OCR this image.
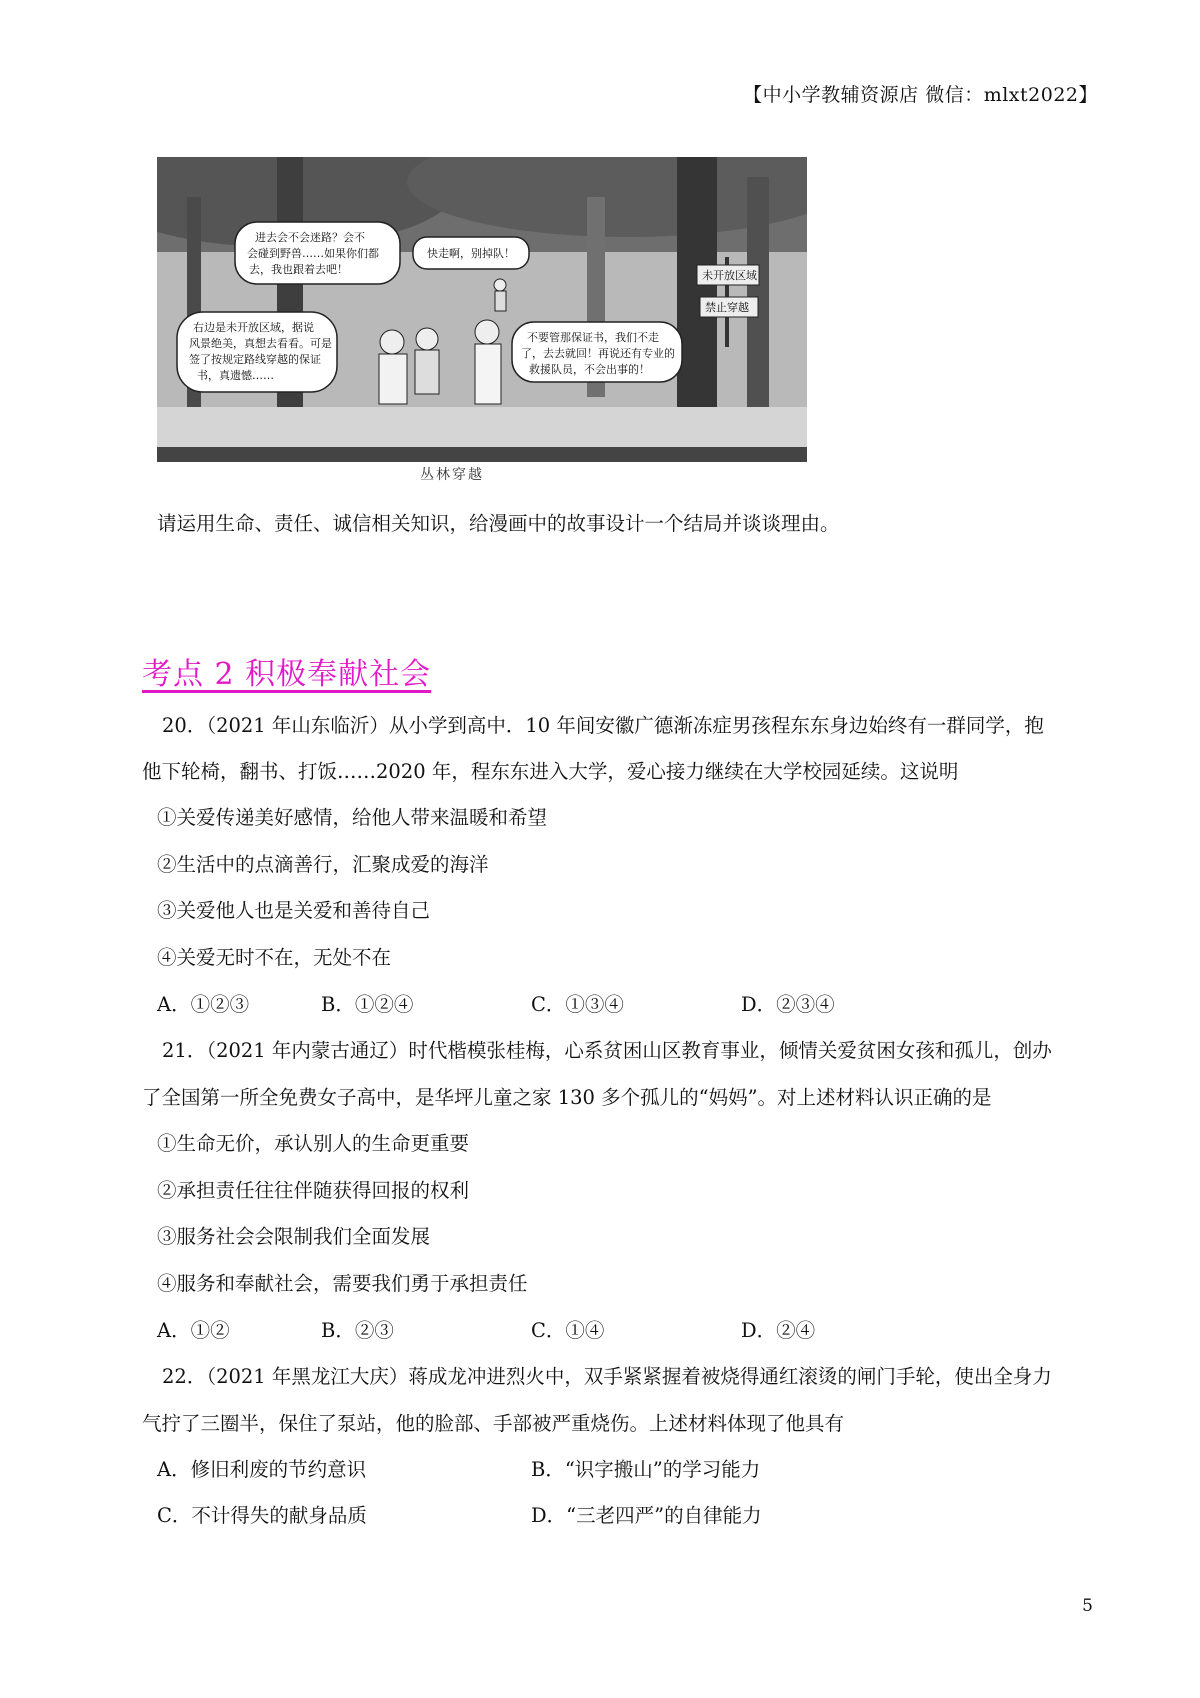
【中小学教辅资源店 微信：mlxt2022】
未开放区域
禁止穿越
进去会不会迷路？会不
会碰到野兽……如果你们都
去，我也跟着去吧！
快走啊，别掉队！
右边是未开放区域，据说
风景绝美，真想去看看。可是
签了按规定路线穿越的保证
书，真遗憾……
不要管那保证书，我们不走
了，去去就回！再说还有专业的
救援队员，不会出事的！
丛林穿越
请运用生命、责任、诚信相关知识，给漫画中的故事设计一个结局并谈谈理由。
考点 2 积极奉献社会
20．（2021 年山东临沂）从小学到高中．10 年间安徽广德渐冻症男孩程东东身边始终有一群同学，抱
他下轮椅，翻书、打饭……2020 年，程东东进入大学，爱心接力继续在大学校园延续。这说明
①关爱传递美好感情，给他人带来温暖和希望
②生活中的点滴善行，汇聚成爱的海洋
③关爱他人也是关爱和善待自己
④关爱无时不在，无处不在
A．①②③	B．①②④	C．①③④	D．②③④
21．（2021 年内蒙古通辽）时代楷模张桂梅，心系贫困山区教育事业，倾情关爱贫困女孩和孤儿，创办
了全国第一所全免费女子高中，是华坪儿童之家 130 多个孤儿的“妈妈”。对上述材料认识正确的是
①生命无价，承认别人的生命更重要
②承担责任往往伴随获得回报的权利
③服务社会会限制我们全面发展
④服务和奉献社会，需要我们勇于承担责任
A．①②	B．②③	C．①④	D．②④
22．（2021 年黑龙江大庆）蒋成龙冲进烈火中，双手紧紧握着被烧得通红滚烫的闸门手轮，使出全身力
气拧了三圈半，保住了泵站，他的脸部、手部被严重烧伤。上述材料体现了他具有
A．修旧利废的节约意识	B．“识字搬山”的学习能力
C．不计得失的献身品质	D．“三老四严”的自律能力
5
